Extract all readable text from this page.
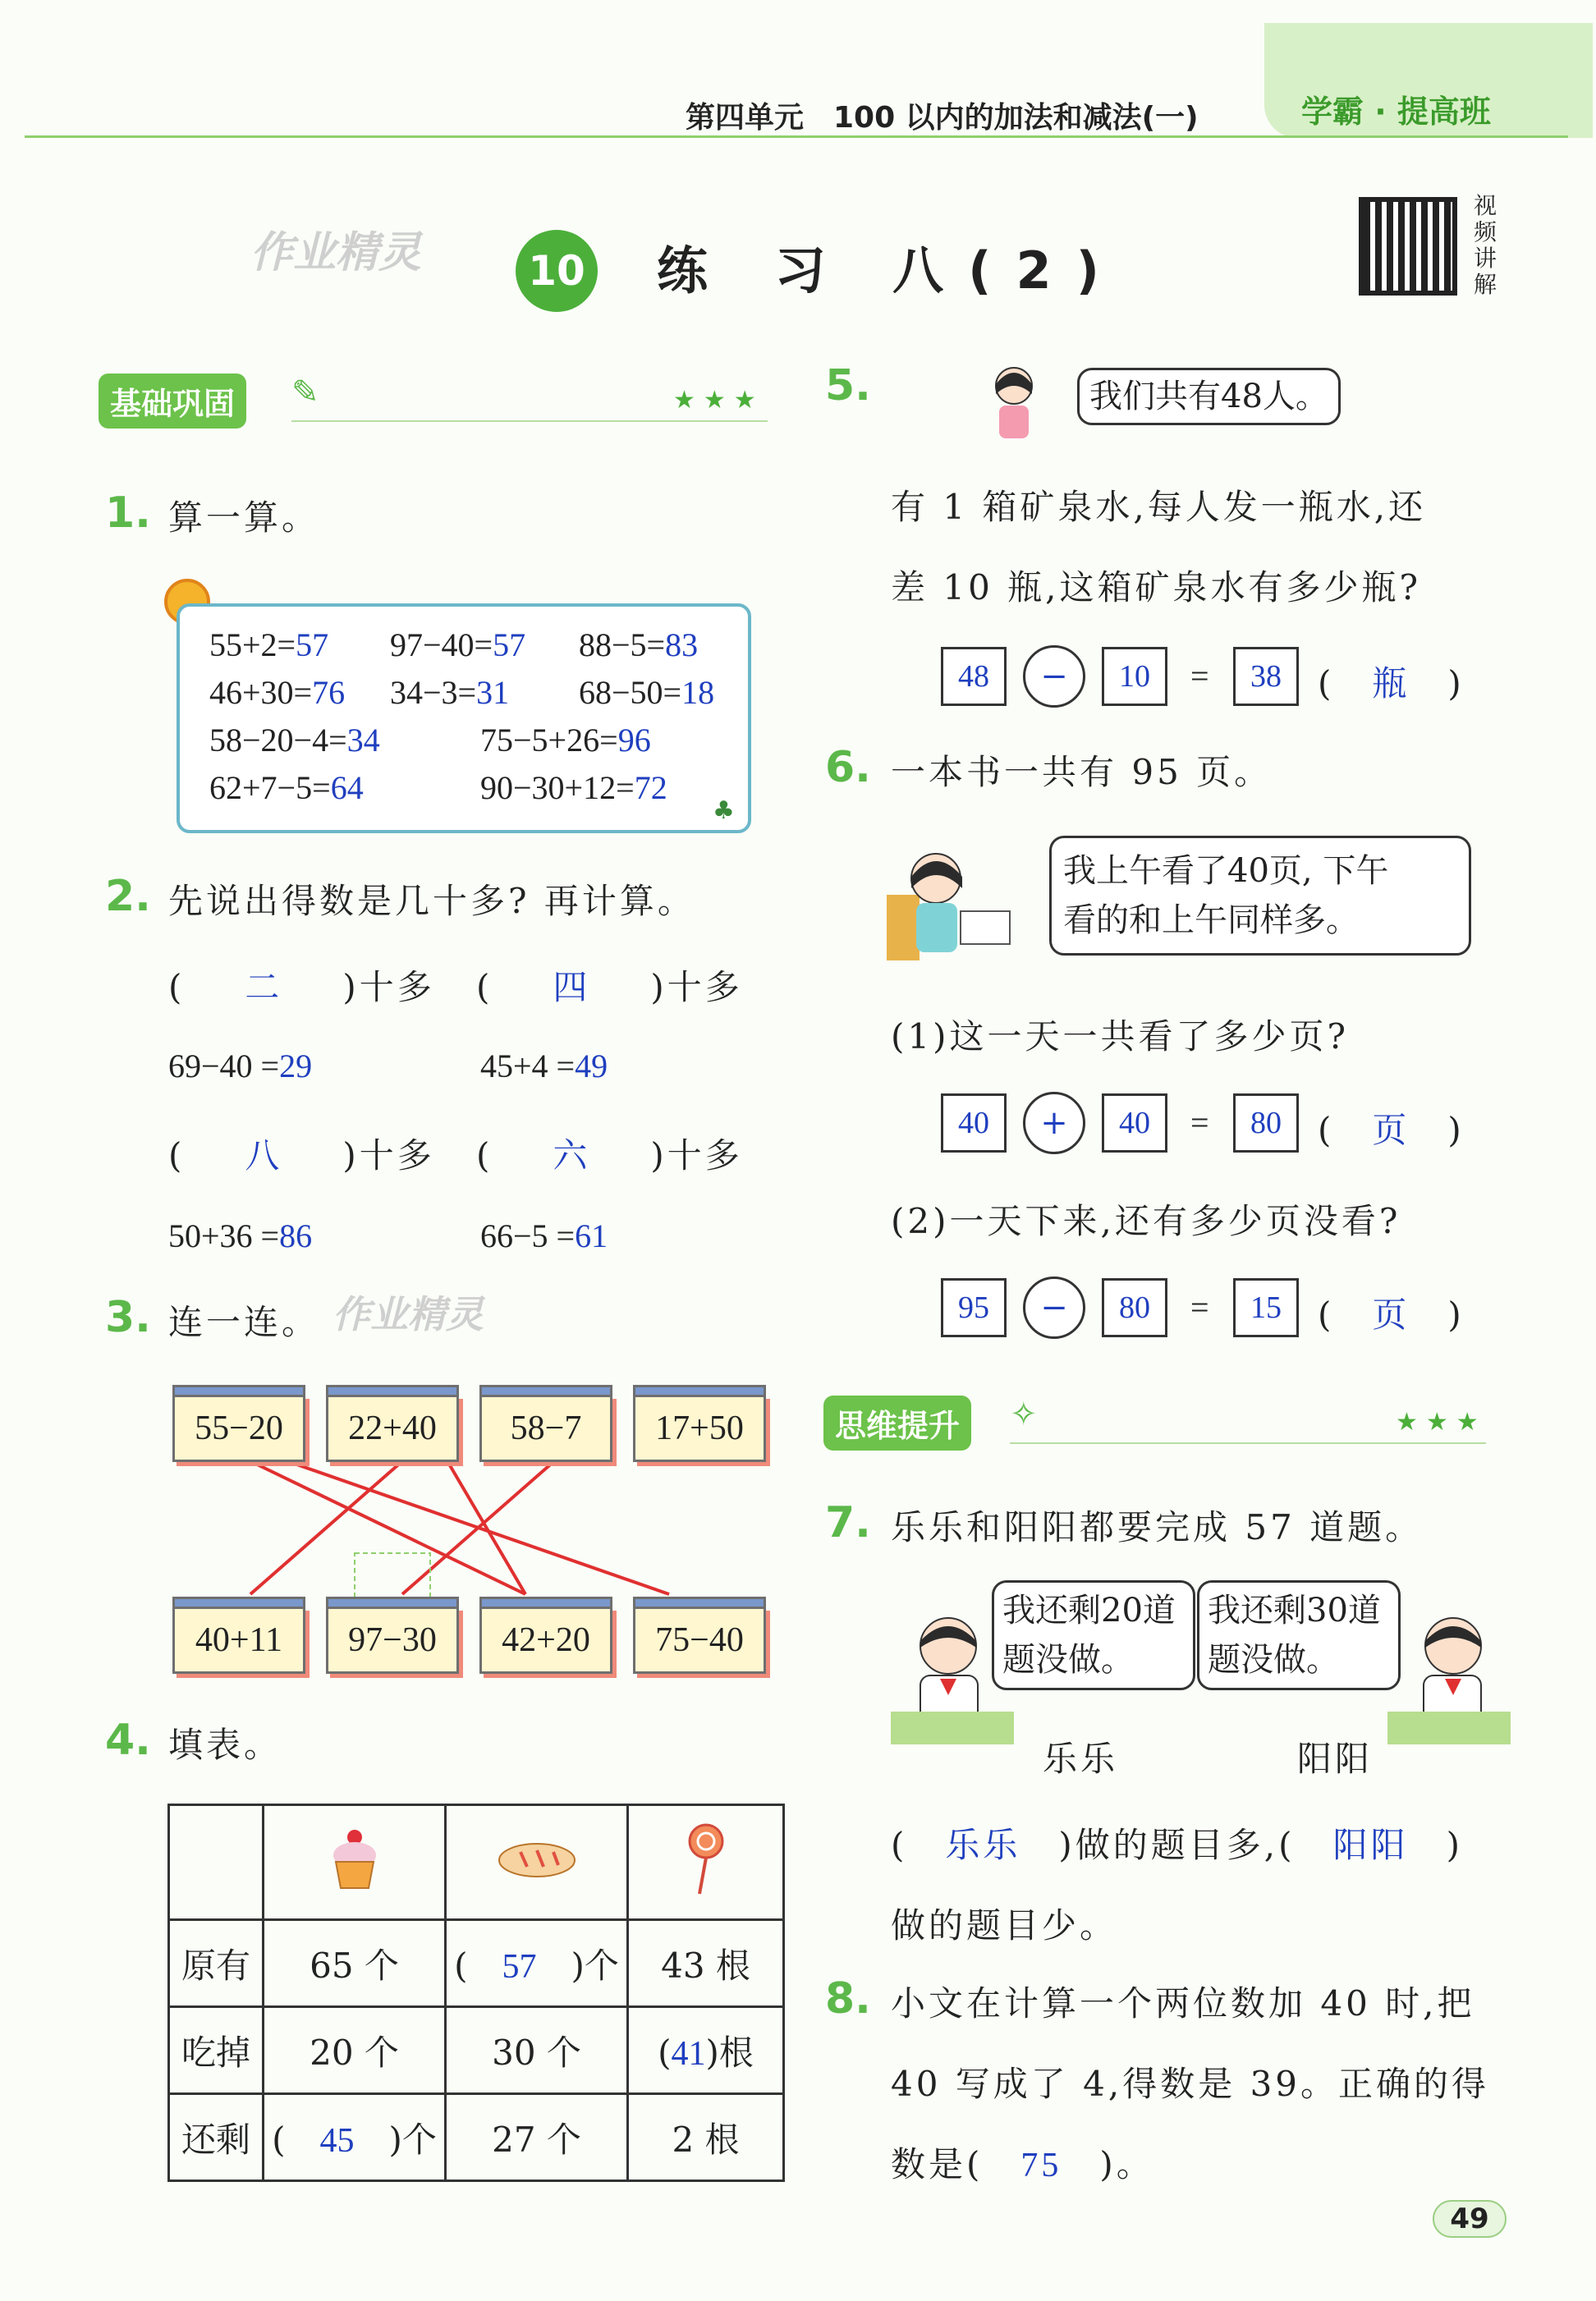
第四单元　100 以内的加法和减法(一)	学霸 · 提高班
作业精灵	10 练 习 八(2)
视频讲解
基础巩固	✎	★★★
1. 算一算。
55+2=57 97−40=57 88−5=83
46+30=76 34−3=31 68−50=18
58−20−4=34	75−5+26=96
62+7−5=64	90−30+12=72
♣
2. 先说出得数是几十多? 再计算。
(　二　)十多 (　四　)十多
69−40 =29	45+4 =49
(　八　)十多 (　六　)十多
50+36 =86	66−5 =61
3. 连一连。 作业精灵
55−20	22+40	58−7	17+50
40+11	97−30	42+20	75−40
4. 填表。

原有	65 个	(　57　)个	43 根
吃掉	20 个	30 个	(41)根
还剩	(　45　)个	27 个	2 根
5.	我们共有48人。
有 1 箱矿泉水,每人发一瓶水,还
差 10 瓶,这箱矿泉水有多少瓶?
48	−	10	=	38	(　瓶　)
6. 一本书一共有 95 页。
我上午看了40页, 下午
看的和上午同样多。
(1)这一天一共看了多少页?
40	+	40	=	80	(　页　)
(2)一天下来,还有多少页没看?
95	−	80	=	15	(　页　)
思维提升	✧	★★★
7. 乐乐和阳阳都要完成 57 道题。
我还剩20道
题没做。
我还剩30道
题没做。
乐乐	阳阳
(　乐乐　 )做的题目多,(　 阳阳　)
做的题目少。
8. 小文在计算一个两位数加 40 时,把
40 写成了 4,得数是 39。正确的得
数是(　 75　 )。
49
